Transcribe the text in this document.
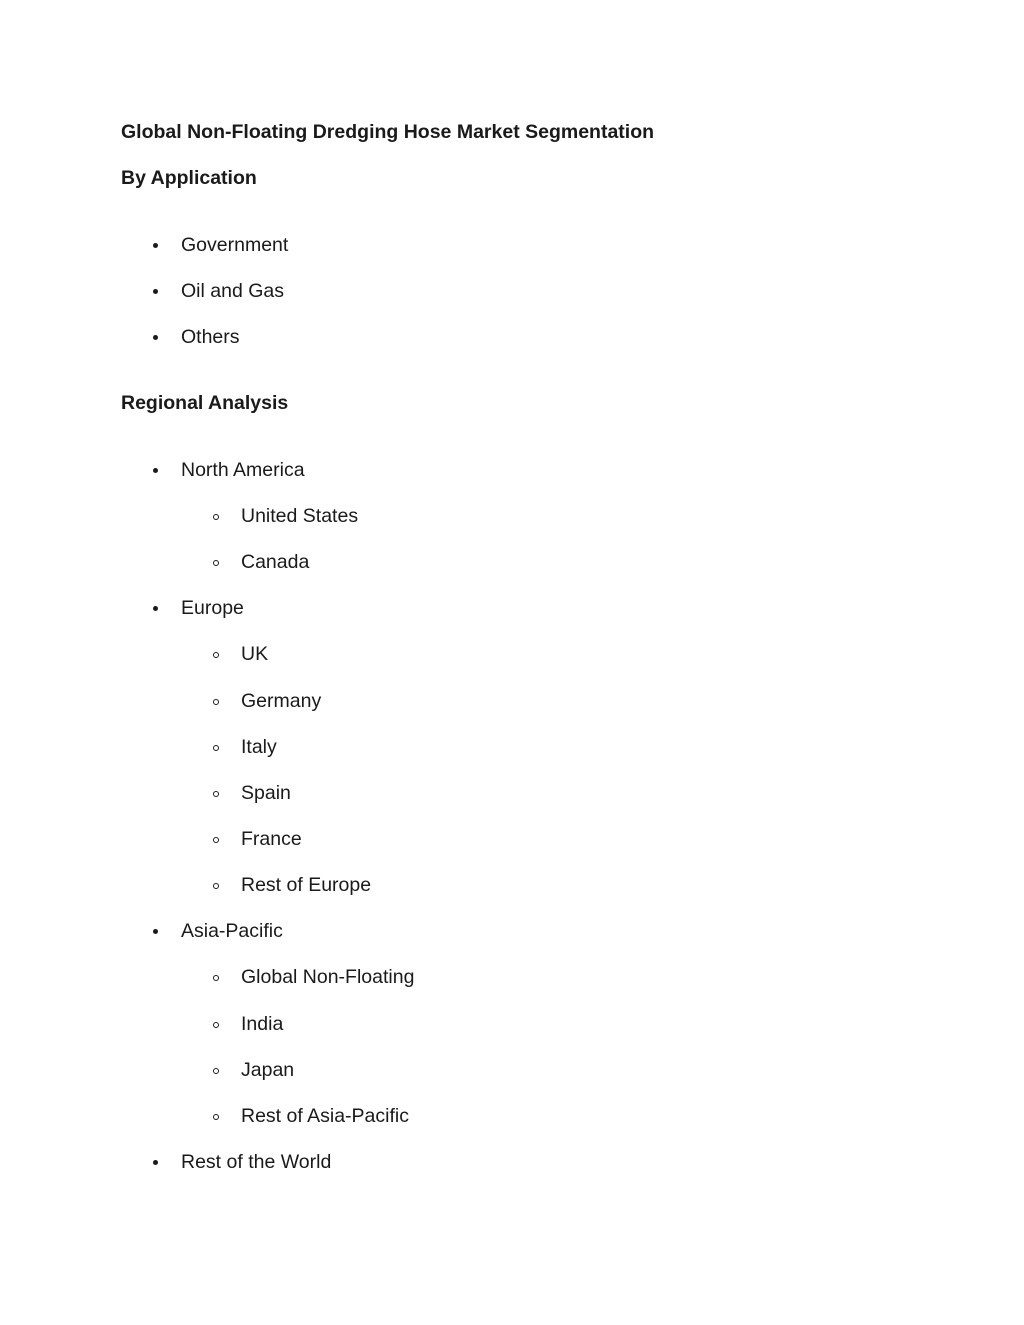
Global Non-Floating Dredging Hose Market Segmentation
By Application
Government
Oil and Gas
Others
Regional Analysis
North America
United States
Canada
Europe
UK
Germany
Italy
Spain
France
Rest of Europe
Asia-Pacific
Global Non-Floating
India
Japan
Rest of Asia-Pacific
Rest of the World
